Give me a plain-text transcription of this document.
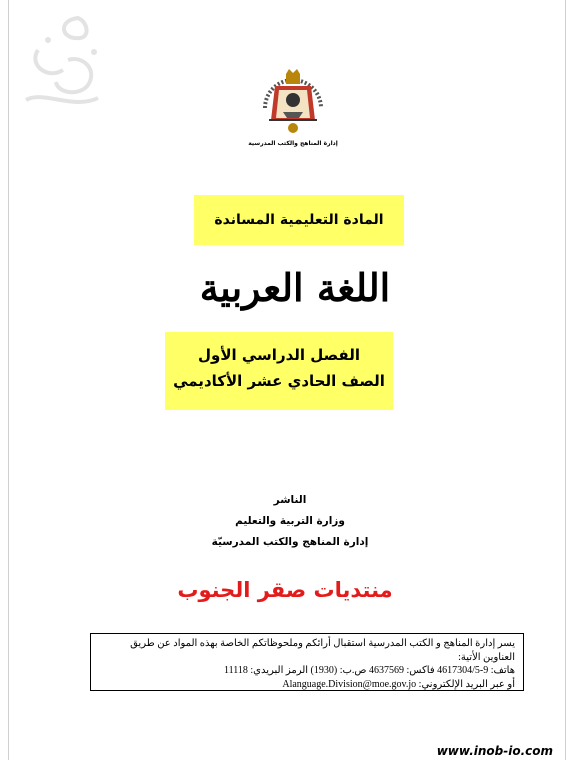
إدارة المناهج والكتب المدرسية
المادة التعليمية المساندة
اللغة العربية
الفصل الدراسي الأول
الصف الحادي عشر الأكاديمي
الناشر
وزارة التربية والتعليم
إدارة المناهج والكتب المدرسيّة
منتديات صقر الجنوب
يسر إدارة المناهج و الكتب المدرسية استقبال أرائكم وملحوظاتكم الخاصة بهذه المواد عن طريق العناوين الأتية:
هاتف: 9-4617304/5 فاكس: 4637569 ص.ب: (1930) الرمز البريدي: 11118
أو عبر البريد الإلكتروني: Alanguage.Division@moe.gov.jo
www.inob-io.com
